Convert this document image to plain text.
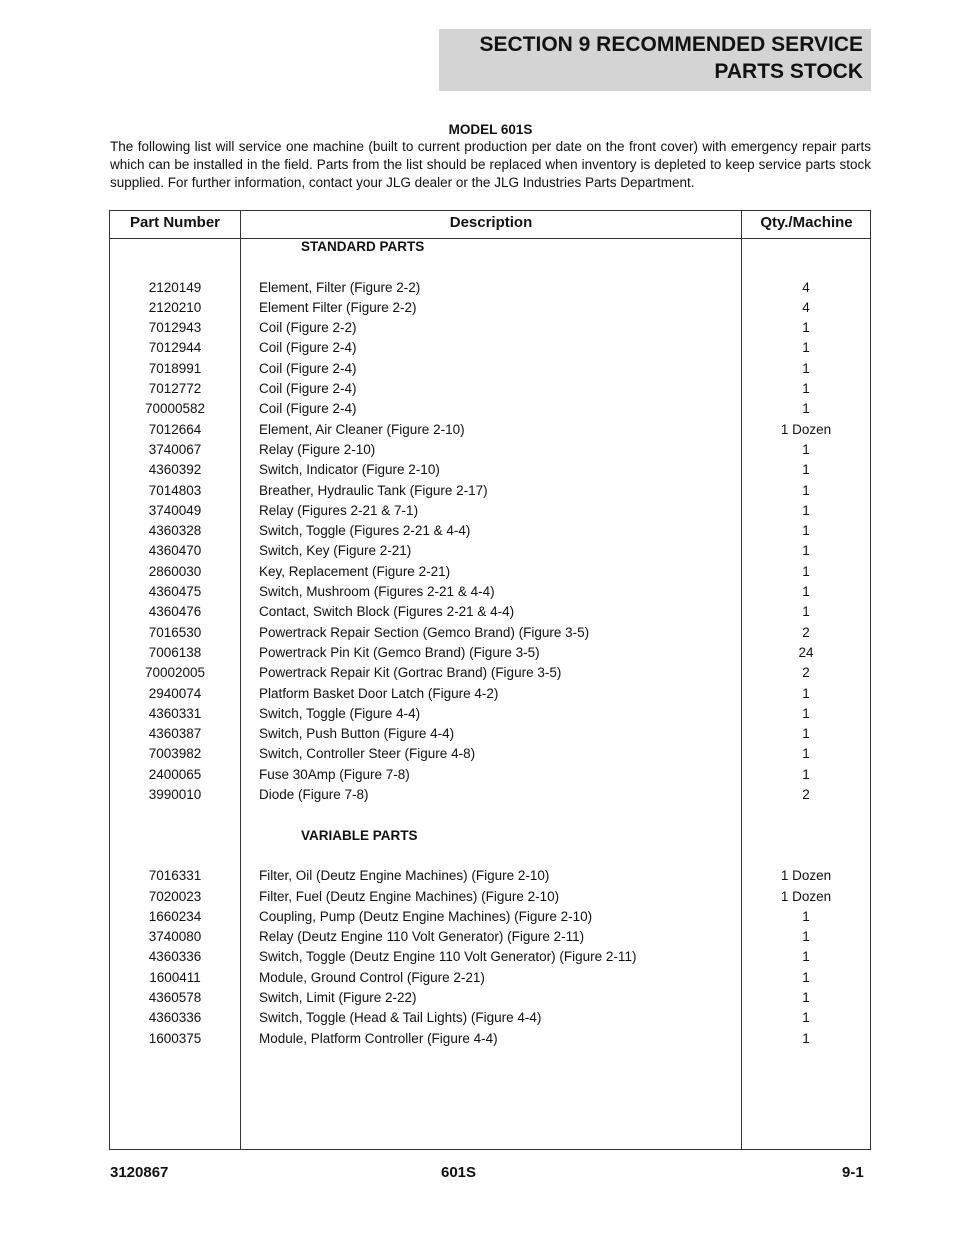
SECTION 9 RECOMMENDED SERVICE
PARTS STOCK
MODEL 601S
The following list will service one machine (built to current production per date on the front cover) with emergency repair parts which can be installed in the field. Parts from the list should be replaced when inventory is depleted to keep service parts stock supplied. For further information, contact your JLG dealer or the JLG Industries Parts Department.
Part Number	Description	Qty./Machine
STANDARD PARTS
2120149	Element, Filter (Figure 2-2)	4
2120210	Element Filter (Figure 2-2)	4
7012943	Coil (Figure 2-2)	1
7012944	Coil (Figure 2-4)	1
7018991	Coil (Figure 2-4)	1
7012772	Coil (Figure 2-4)	1
70000582	Coil (Figure 2-4)	1
7012664	Element, Air Cleaner (Figure 2-10)	1 Dozen
3740067	Relay (Figure 2-10)	1
4360392	Switch, Indicator (Figure 2-10)	1
7014803	Breather, Hydraulic Tank (Figure 2-17)	1
3740049	Relay (Figures 2-21 & 7-1)	1
4360328	Switch, Toggle (Figures 2-21 & 4-4)	1
4360470	Switch, Key (Figure 2-21)	1
2860030	Key, Replacement (Figure 2-21)	1
4360475	Switch, Mushroom (Figures 2-21 & 4-4)	1
4360476	Contact, Switch Block (Figures 2-21 & 4-4)	1
7016530	Powertrack Repair Section (Gemco Brand) (Figure 3-5)	2
7006138	Powertrack Pin Kit (Gemco Brand) (Figure 3-5)	24
70002005	Powertrack Repair Kit (Gortrac Brand) (Figure 3-5)	2
2940074	Platform Basket Door Latch (Figure 4-2)	1
4360331	Switch, Toggle (Figure 4-4)	1
4360387	Switch, Push Button (Figure 4-4)	1
7003982	Switch, Controller Steer (Figure 4-8)	1
2400065	Fuse 30Amp (Figure 7-8)	1
3990010	Diode (Figure 7-8)	2
VARIABLE PARTS
7016331	Filter, Oil (Deutz Engine Machines) (Figure 2-10)	1 Dozen
7020023	Filter, Fuel (Deutz Engine Machines) (Figure 2-10)	1 Dozen
1660234	Coupling, Pump (Deutz Engine Machines) (Figure 2-10)	1
3740080	Relay (Deutz Engine 110 Volt Generator) (Figure 2-11)	1
4360336	Switch, Toggle (Deutz Engine 110 Volt Generator) (Figure 2-11)	1
1600411	Module, Ground Control (Figure 2-21)	1
4360578	Switch, Limit (Figure 2-22)	1
4360336	Switch, Toggle (Head & Tail Lights) (Figure 4-4)	1
1600375	Module, Platform Controller (Figure 4-4)	1
3120867	601S	9-1
